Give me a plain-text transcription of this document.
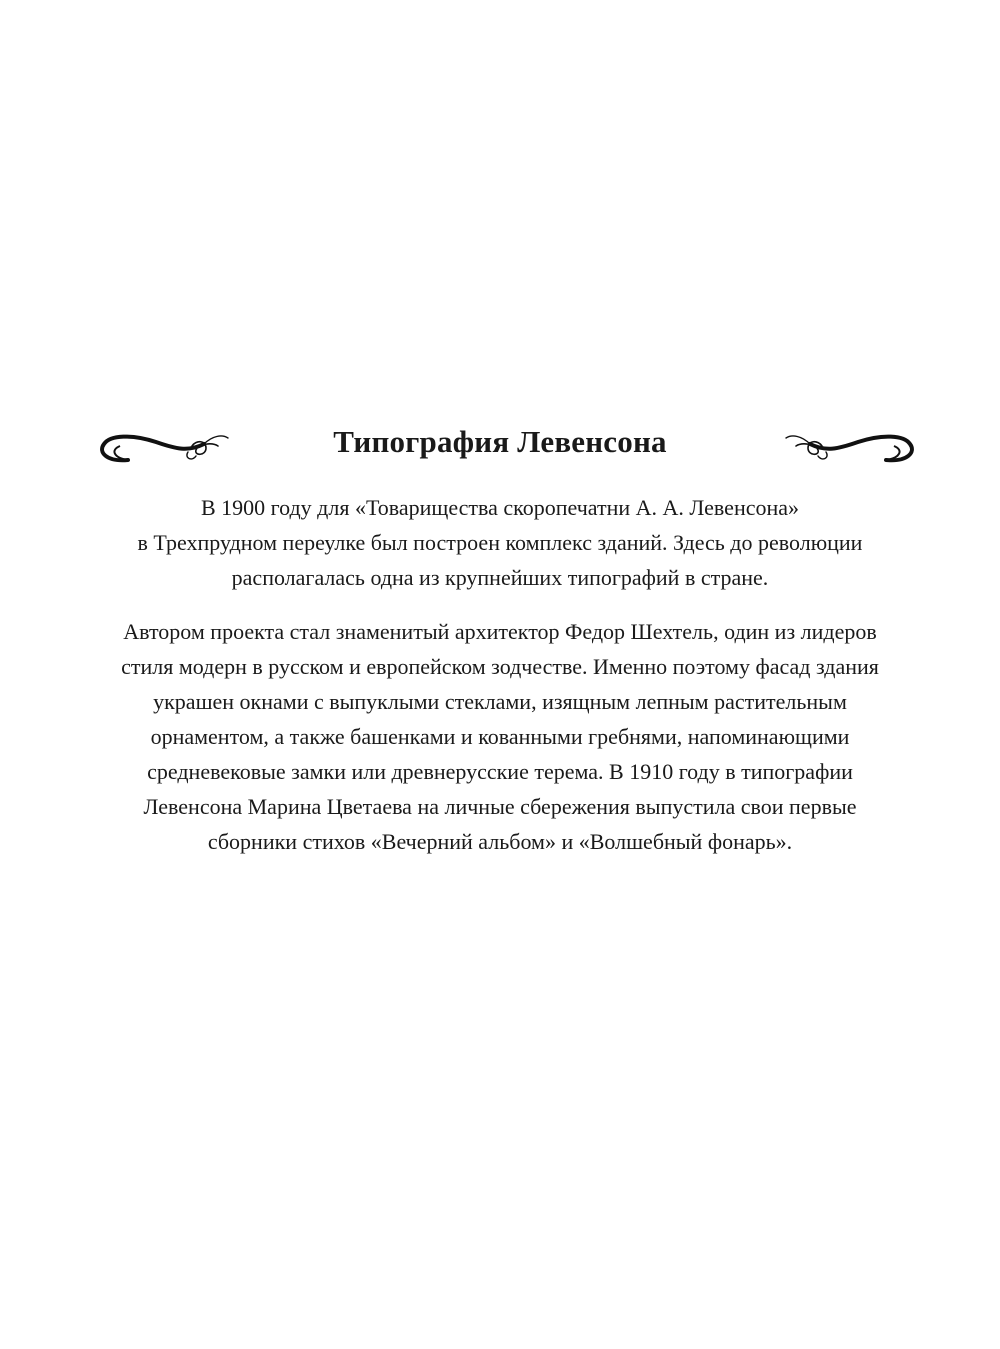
Типография Левенсона

В 1900 году для «Товарищества скоропечатни А. А. Левенсона»
в Трехпрудном переулке был построен комплекс зданий. Здесь до революции
располагалась одна из крупнейших типографий в стране.

Автором проекта стал знаменитый архитектор Федор Шехтель, один из лидеров
стиля модерн в русском и европейском зодчестве. Именно поэтому фасад здания
украшен окнами с выпуклыми стеклами, изящным лепным растительным
орнаментом, а также башенками и кованными гребнями, напоминающими
средневековые замки или древнерусские терема. В 1910 году в типографии
Левенсона Марина Цветаева на личные сбережения выпустила свои первые
сборники стихов «Вечерний альбом» и «Волшебный фонарь».
